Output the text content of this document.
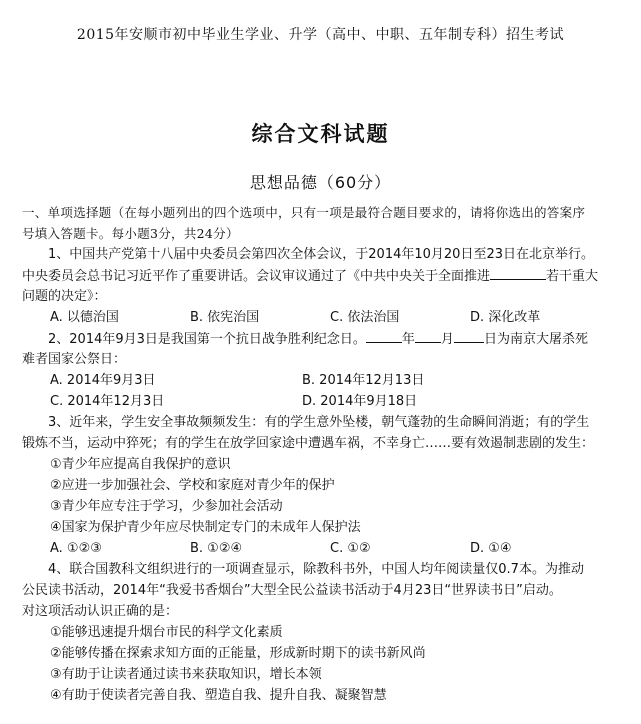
2015年安顺市初中毕业生学业、升学（高中、中职、五年制专科）招生考试
综合文科试题
思想品德（60分）
一、单项选择题（在每小题列出的四个选项中，只有一项是最符合题目要求的，请将你选出的答案序
号填入答题卡。每小题3分，共24分）
1、中国共产党第十八届中央委员会第四次全体会议，于2014年10月20日至23日在北京举行。
中央委员会总书记习近平作了重要讲话。会议审议通过了《中共中央关于全面推进	若干重大
问题的决定》：
A. 以德治国	B. 依宪治国	C. 依法治国	D. 深化改革
2、2014年9月3日是我国第一个抗日战争胜利纪念日。	年 月 日为南京大屠杀死
难者国家公祭日：
A. 2014年9月3日	B. 2014年12月13日
C. 2014年12月3日	D. 2014年9月18日
3、近年来，学生安全事故频频发生：有的学生意外坠楼，朝气蓬勃的生命瞬间消逝；有的学生
锻炼不当，运动中猝死；有的学生在放学回家途中遭遇车祸，不幸身亡……要有效遏制悲剧的发生：
①青少年应提高自我保护的意识
②应进一步加强社会、学校和家庭对青少年的保护
③青少年应专注于学习，少参加社会活动
④国家为保护青少年应尽快制定专门的未成年人保护法
A. ①②③	B. ①②④	C. ①②	D. ①④
4、联合国教科文组织进行的一项调查显示，除教科书外，中国人均年阅读量仅0.7本。为推动
公民读书活动，2014年“我爱书香烟台”大型全民公益读书活动于4月23日“世界读书日”启动。
对这项活动认识正确的是：
①能够迅速提升烟台市民的科学文化素质
②能够传播在探索求知方面的正能量，形成新时期下的读书新风尚
③有助于让读者通过读书来获取知识，增长本领
④有助于使读者完善自我、塑造自我、提升自我、凝聚智慧
